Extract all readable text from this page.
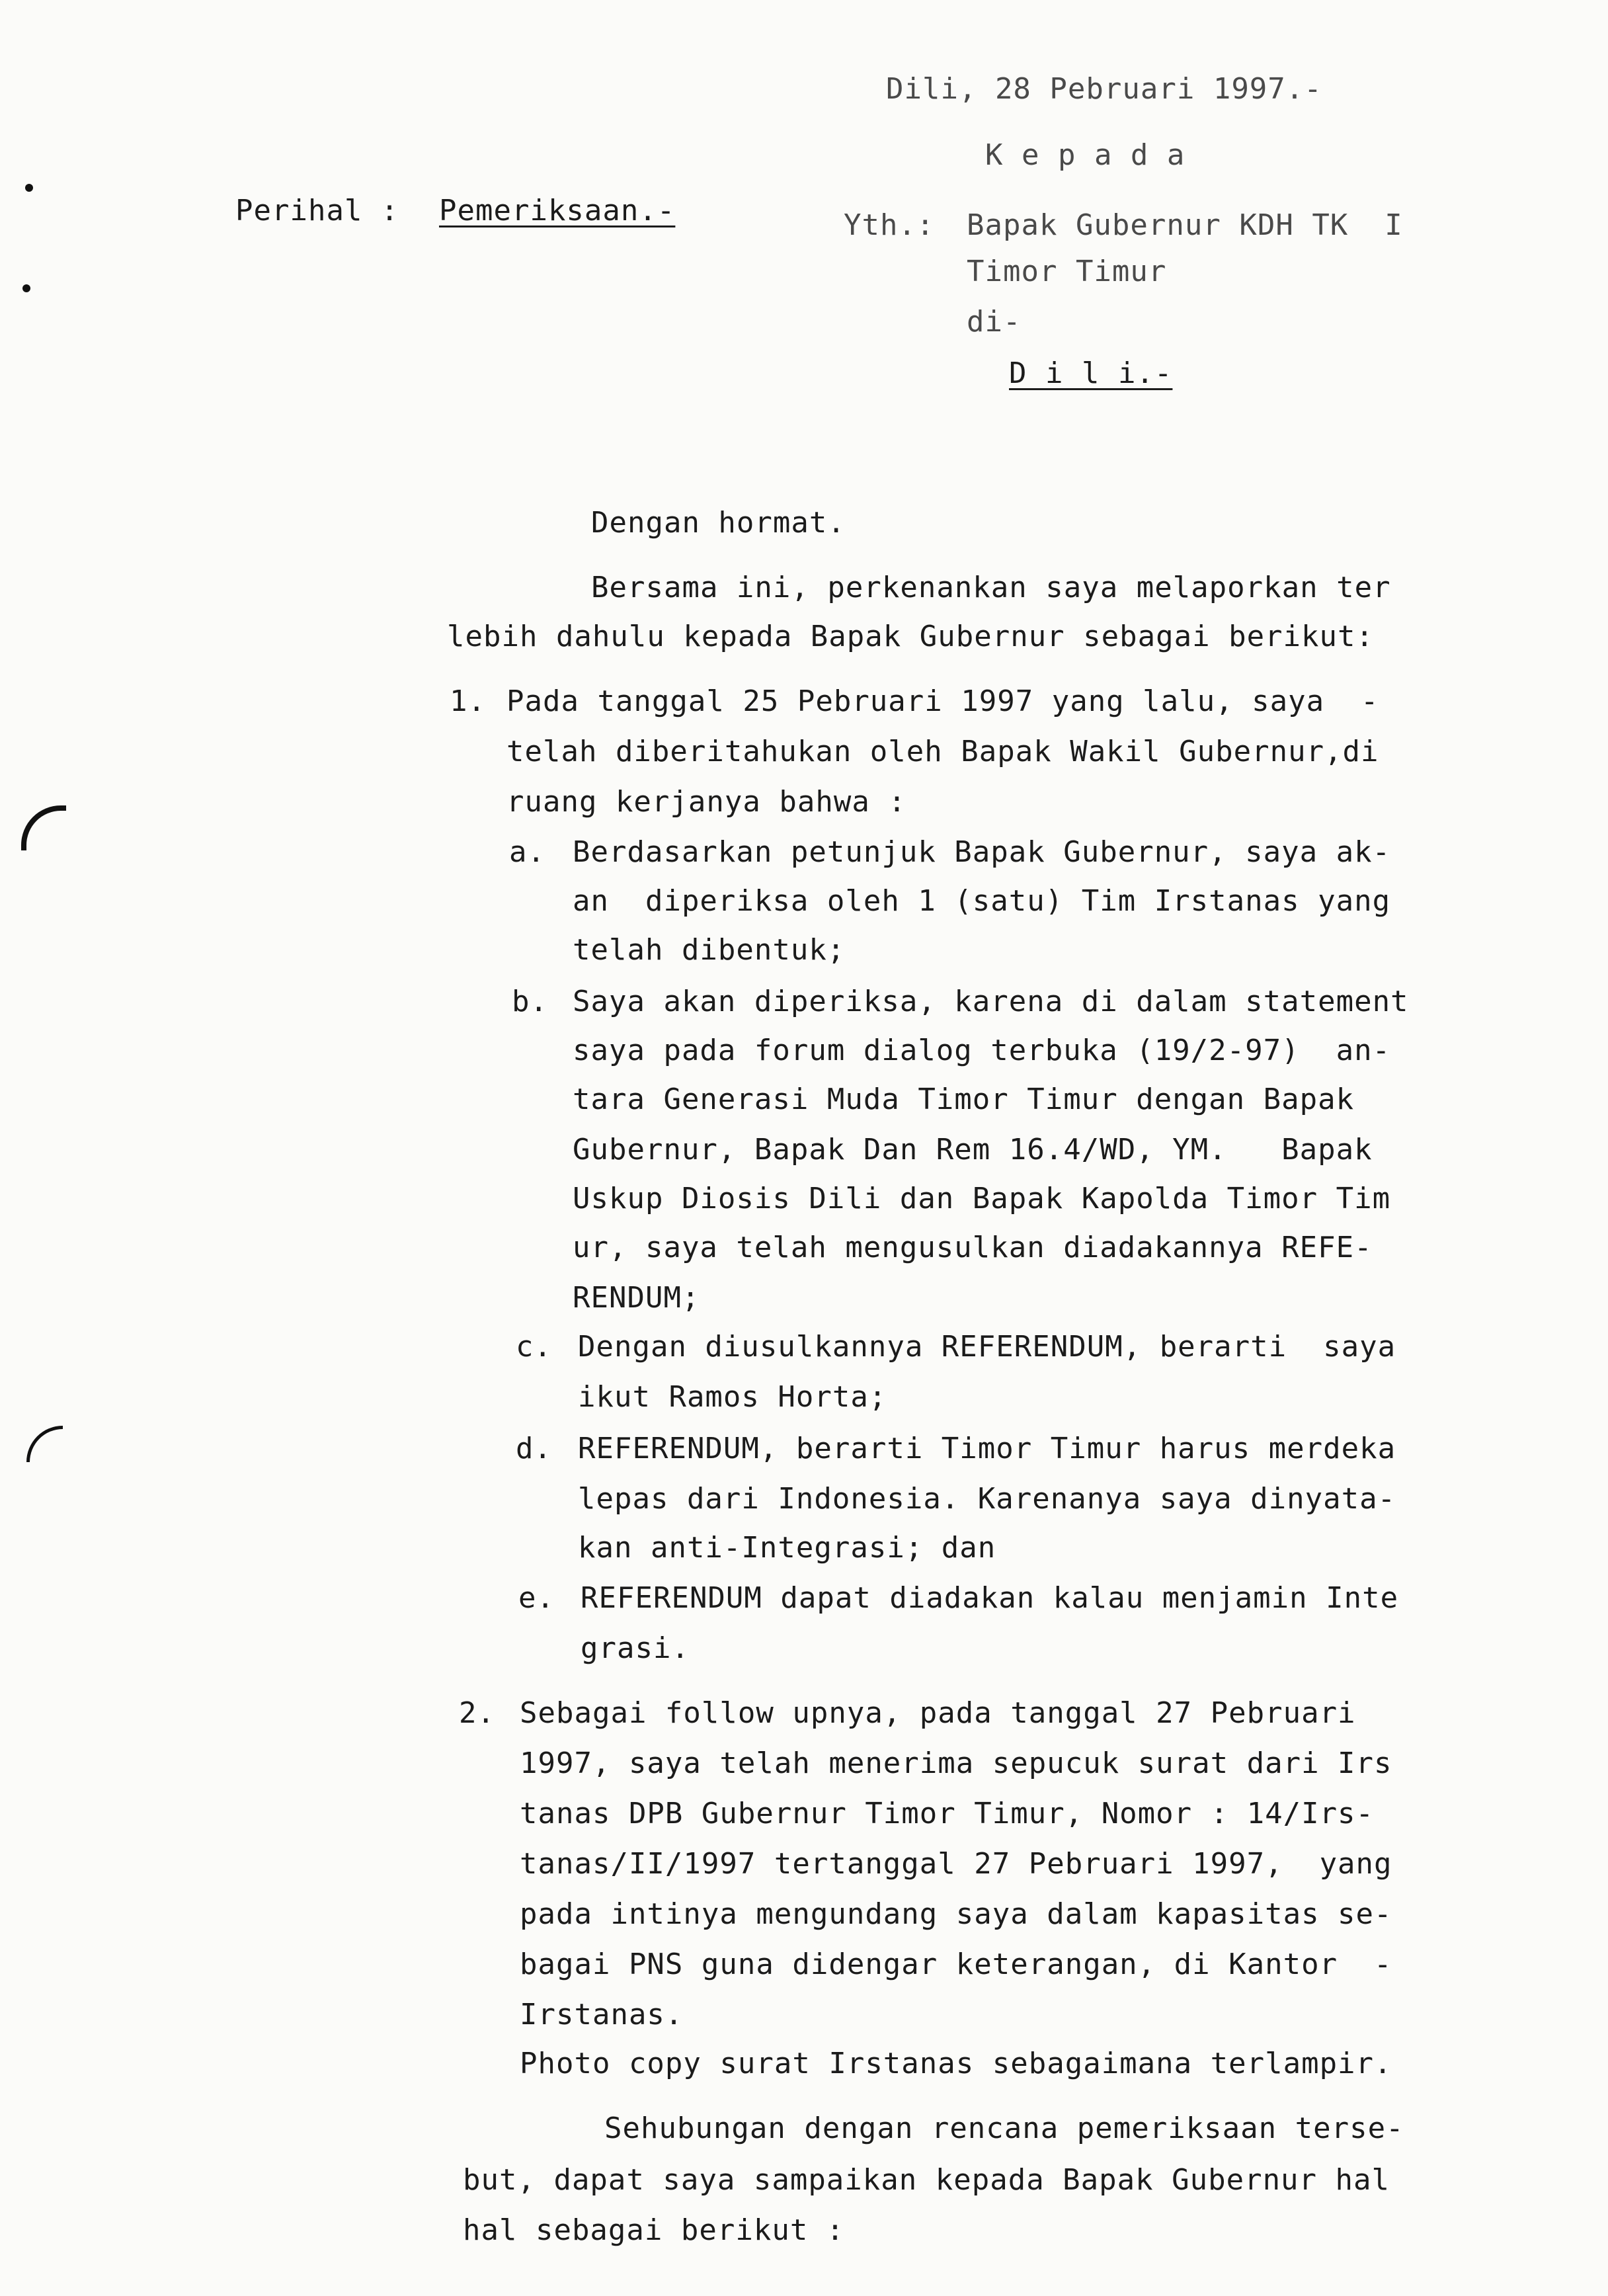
Dili, 28 Pebruari 1997.-
K e p a d a
Perihal : Pemeriksaan.-	Yth.: Bapak Gubernur KDH TK  I
Timor Timur
di-
D i l i.-
Dengan hormat.
Bersama ini, perkenankan saya melaporkan ter
lebih dahulu kepada Bapak Gubernur sebagai berikut:
1. Pada tanggal 25 Pebruari 1997 yang lalu, saya  -
telah diberitahukan oleh Bapak Wakil Gubernur,di
ruang kerjanya bahwa :
a. Berdasarkan petunjuk Bapak Gubernur, saya ak-
an  diperiksa oleh 1 (satu) Tim Irstanas yang
telah dibentuk;
b. Saya akan diperiksa, karena di dalam statement
saya pada forum dialog terbuka (19/2-97)  an-
tara Generasi Muda Timor Timur dengan Bapak
Gubernur, Bapak Dan Rem 16.4/WD, YM.   Bapak
Uskup Diosis Dili dan Bapak Kapolda Timor Tim
ur, saya telah mengusulkan diadakannya REFE-
RENDUM;
c. Dengan diusulkannya REFERENDUM, berarti  saya
ikut Ramos Horta;
d. REFERENDUM, berarti Timor Timur harus merdeka
lepas dari Indonesia. Karenanya saya dinyata-
kan anti-Integrasi; dan
e. REFERENDUM dapat diadakan kalau menjamin Inte
grasi.
2. Sebagai follow upnya, pada tanggal 27 Pebruari
1997, saya telah menerima sepucuk surat dari Irs
tanas DPB Gubernur Timor Timur, Nomor : 14/Irs-
tanas/II/1997 tertanggal 27 Pebruari 1997,  yang
pada intinya mengundang saya dalam kapasitas se-
bagai PNS guna didengar keterangan, di Kantor  -
Irstanas.
Photo copy surat Irstanas sebagaimana terlampir.
Sehubungan dengan rencana pemeriksaan terse-
but, dapat saya sampaikan kepada Bapak Gubernur hal
hal sebagai berikut :
